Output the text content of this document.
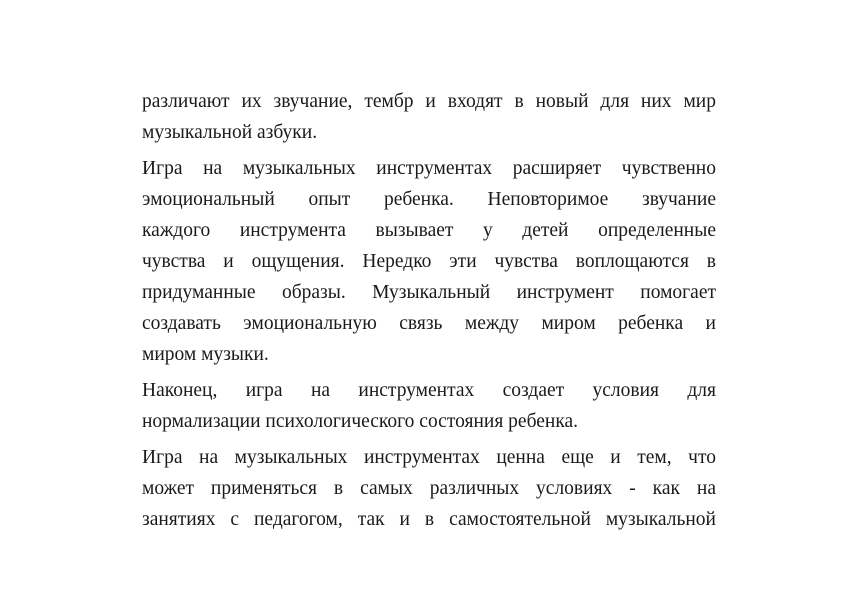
различают их звучание, тембр и входят в новый для них мир
музыкальной азбуки.

Игра на музыкальных инструментах расширяет чувственно
эмоциональный опыт ребенка. Неповторимое звучание
каждого инструмента вызывает у детей определенные
чувства и ощущения. Нередко эти чувства воплощаются в
придуманные образы. Музыкальный инструмент помогает
создавать эмоциональную связь между миром ребенка и
миром музыки.

Наконец, игра на инструментах создает условия для
нормализации психологического состояния ребенка.

Игра на музыкальных инструментах ценна еще и тем, что
может применяться в самых различных условиях - как на
занятиях с педагогом, так и в самостоятельной музыкальной
